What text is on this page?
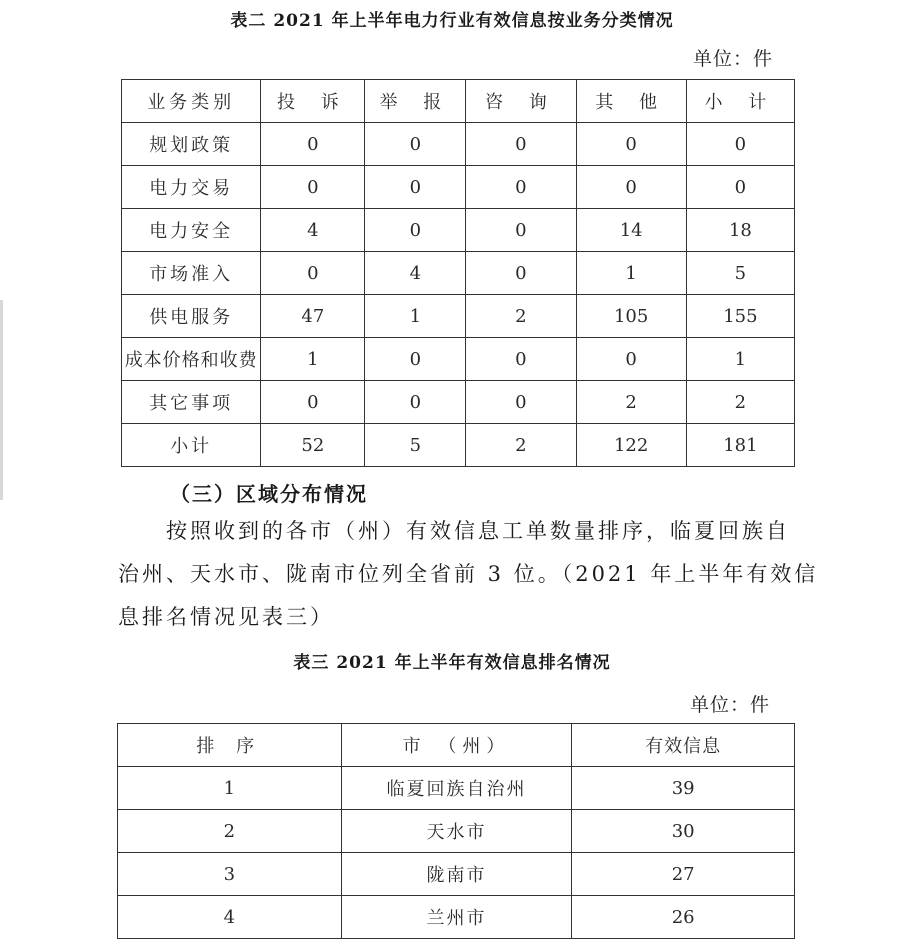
表二 2021 年上半年电力行业有效信息按业务分类情况
单位：件
业务类别	投 诉	举 报	咨 询	其 他	小 计
规划政策	0	0	0	0	0
电力交易	0	0	0	0	0
电力安全	4	0	0	14	18
市场准入	0	4	0	1	5
供电服务	47	1	2	105	155
成本价格和收费	1	0	0	0	1
其它事项	0	0	0	2	2
小计	52	5	2	122	181
（三）区域分布情况
按照收到的各市（州）有效信息工单数量排序，临夏回族自
治州、天水市、陇南市位列全省前 3 位。（2021 年上半年有效信
息排名情况见表三）
表三 2021 年上半年有效信息排名情况
单位：件
排 序	市 （州）	有效信息
1	临夏回族自治州	39
2	天水市	30
3	陇南市	27
4	兰州市	26
